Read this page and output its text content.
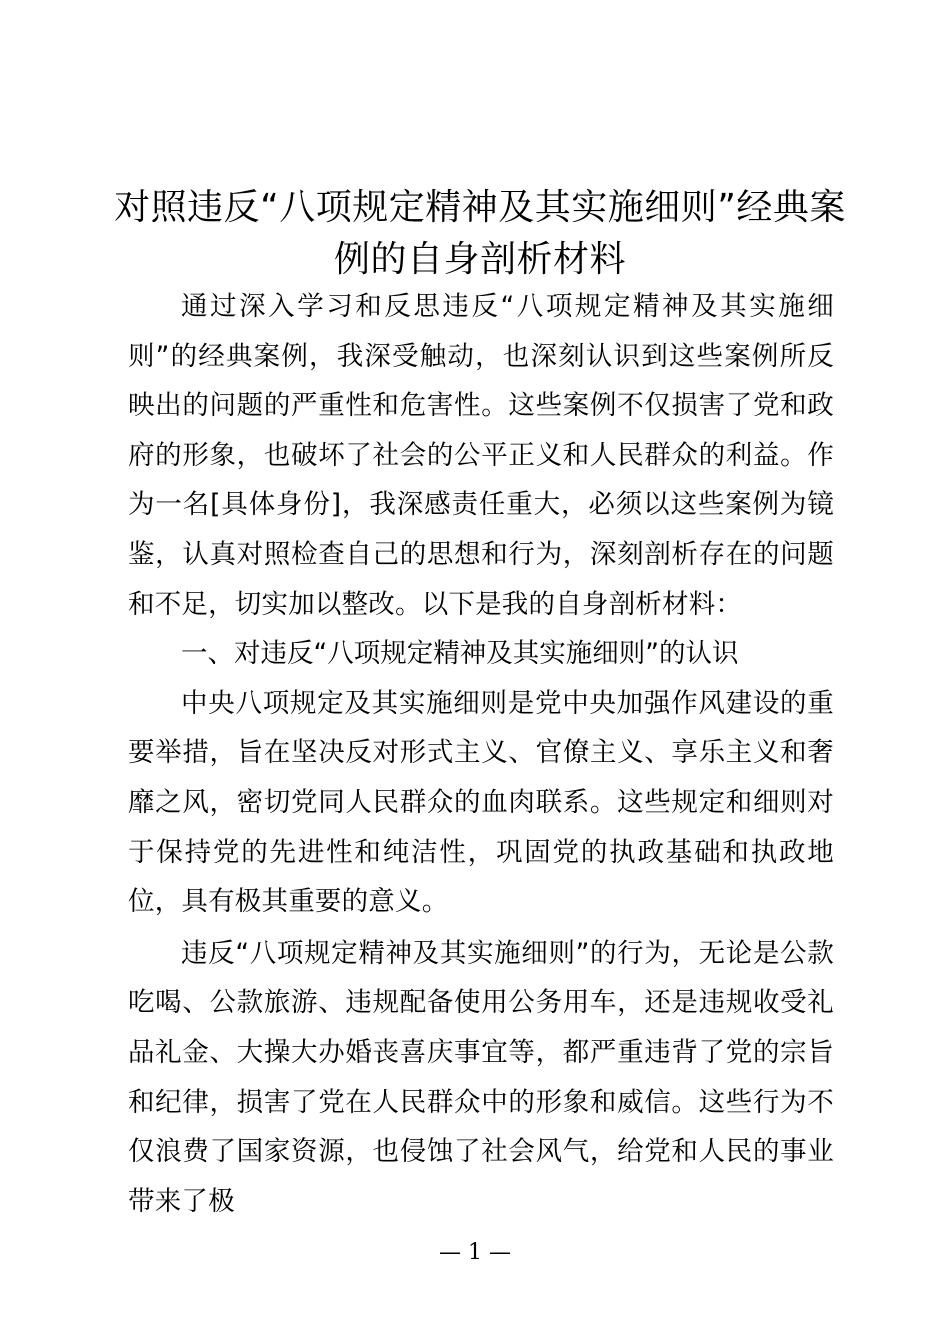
对照违反“八项规定精神及其实施细则”经典案例的自身剖析材料

通过深入学习和反思违反“八项规定精神及其实施细则”的经典案例，我深受触动，也深刻认识到这些案例所反映出的问题的严重性和危害性。这些案例不仅损害了党和政府的形象，也破坏了社会的公平正义和人民群众的利益。作为一名[具体身份]，我深感责任重大，必须以这些案例为镜鉴，认真对照检查自己的思想和行为，深刻剖析存在的问题和不足，切实加以整改。以下是我的自身剖析材料：

一、对违反“八项规定精神及其实施细则”的认识

中央八项规定及其实施细则是党中央加强作风建设的重要举措，旨在坚决反对形式主义、官僚主义、享乐主义和奢靡之风，密切党同人民群众的血肉联系。这些规定和细则对于保持党的先进性和纯洁性，巩固党的执政基础和执政地位，具有极其重要的意义。

违反“八项规定精神及其实施细则”的行为，无论是公款吃喝、公款旅游、违规配备使用公务用车，还是违规收受礼品礼金、大操大办婚丧喜庆事宜等，都严重违背了党的宗旨和纪律，损害了党在人民群众中的形象和威信。这些行为不仅浪费了国家资源，也侵蚀了社会风气，给党和人民的事业带来了极

— 1 —
